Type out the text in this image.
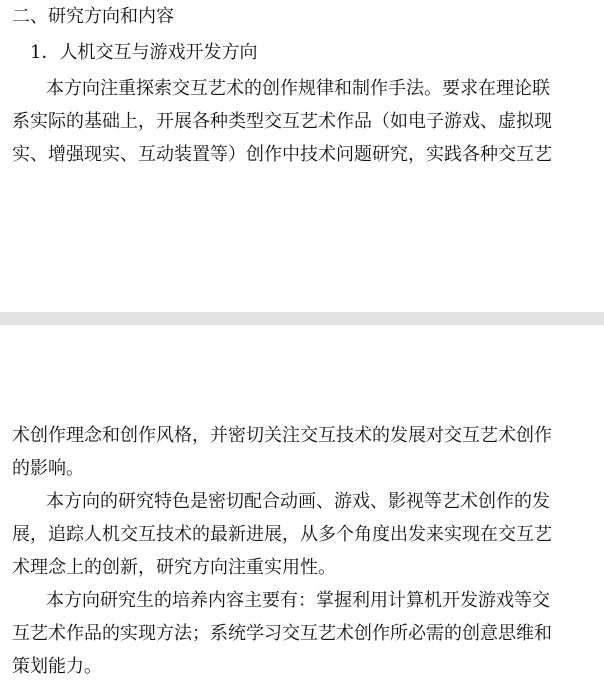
二、研究方向和内容
1．人机交互与游戏开发方向
本方向注重探索交互艺术的创作规律和制作手法。要求在理论联
系实际的基础上，开展各种类型交互艺术作品（如电子游戏、虚拟现
实、增强现实、互动装置等）创作中技术问题研究，实践各种交互艺
术创作理念和创作风格，并密切关注交互技术的发展对交互艺术创作
的影响。
本方向的研究特色是密切配合动画、游戏、影视等艺术创作的发
展，追踪人机交互技术的最新进展，从多个角度出发来实现在交互艺
术理念上的创新，研究方向注重实用性。
本方向研究生的培养内容主要有：掌握利用计算机开发游戏等交
互艺术作品的实现方法；系统学习交互艺术创作所必需的创意思维和
策划能力。
